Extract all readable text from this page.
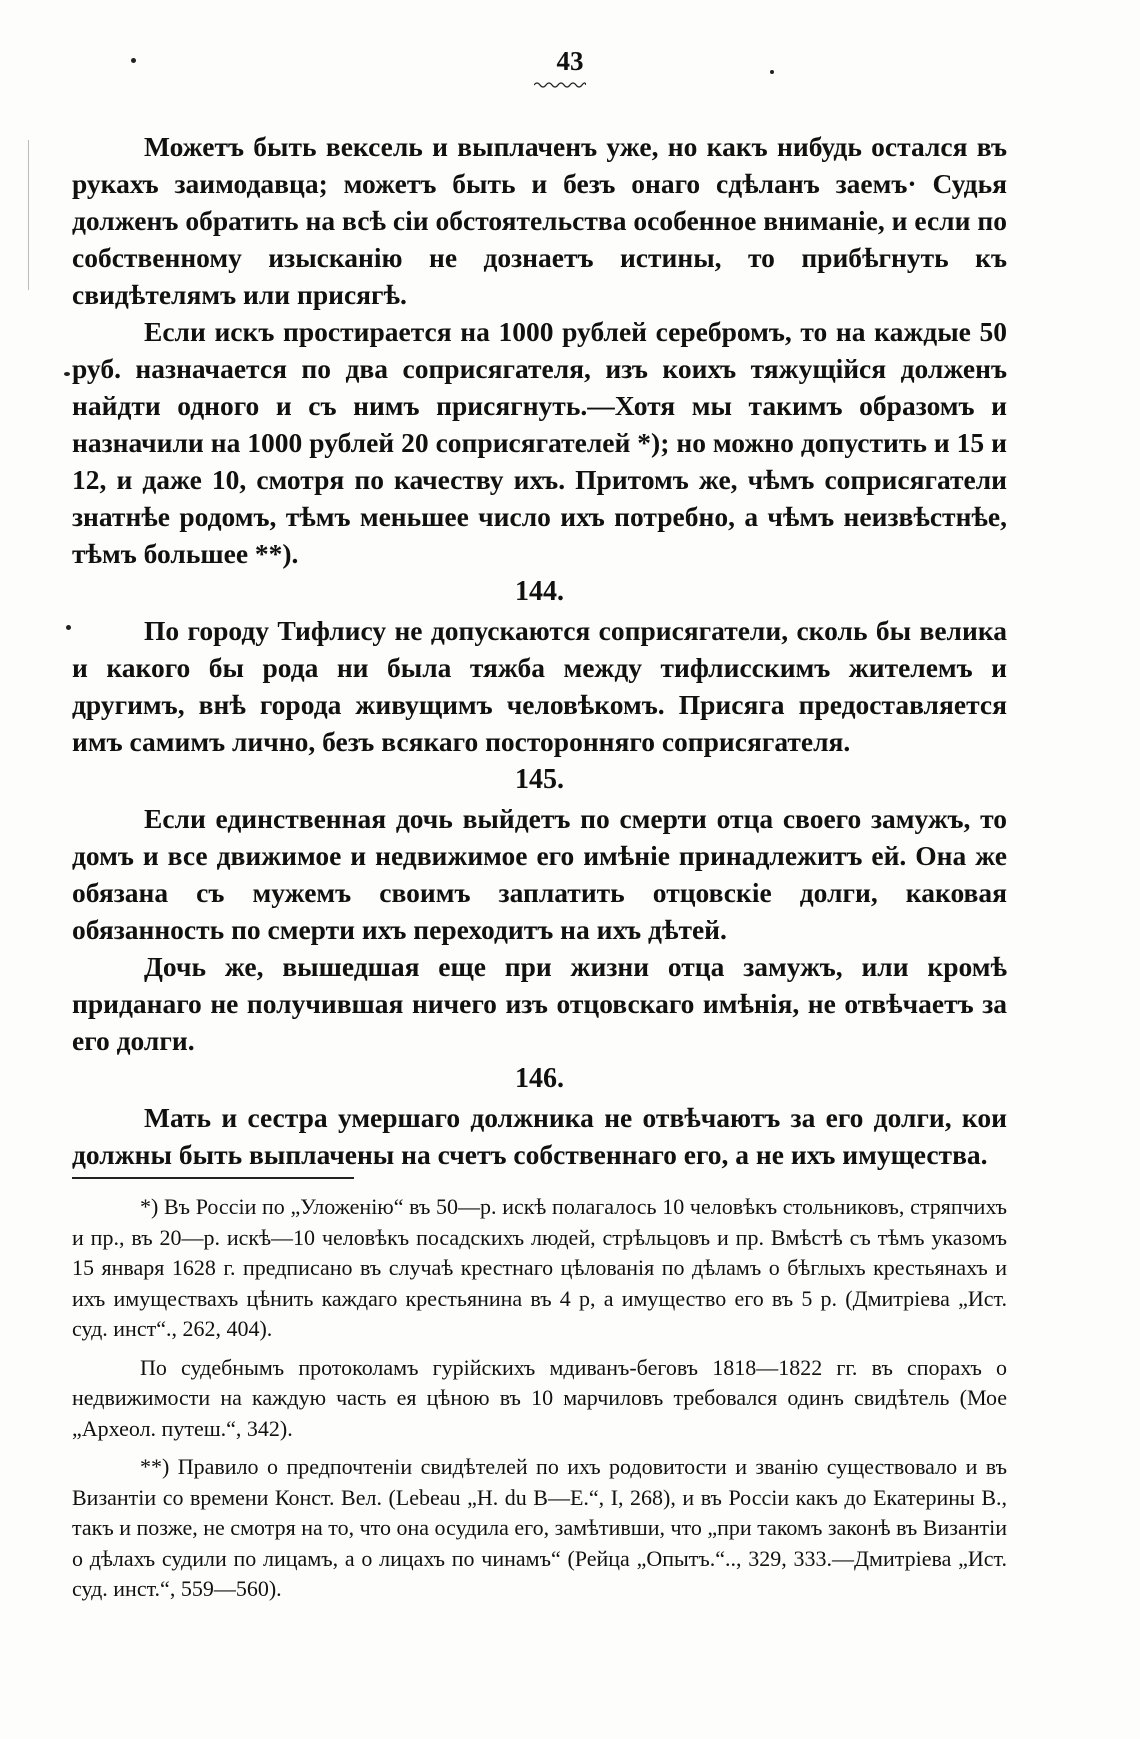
43

Можетъ быть вексель и выплаченъ уже, но какъ нибудь остался въ рукахъ заимодавца; можетъ быть и безъ онаго сдѣланъ заемъ· Судья долженъ обратить на всѣ сіи обстоятельства особенное вниманіе, и если по собственному изысканію не дознаетъ истины, то прибѣгнуть къ свидѣтелямъ или присягѣ.

Если искъ простирается на 1000 рублей серебромъ, то на каждые 50 руб. назначается по два соприсягателя, изъ коихъ тяжущійся долженъ найдти одного и съ нимъ присягнуть.—Хотя мы такимъ образомъ и назначили на 1000 рублей 20 соприсягателей *); но можно допустить и 15 и 12, и даже 10, смотря по качеству ихъ. Притомъ же, чѣмъ соприсягатели знатнѣе родомъ, тѣмъ меньшее число ихъ потребно, а чѣмъ неизвѣстнѣе, тѣмъ большее **).

144.

По городу Тифлису не допускаются соприсягатели, сколь бы велика и какого бы рода ни была тяжба между тифлисскимъ жителемъ и другимъ, внѣ города живущимъ человѣкомъ. Присяга предоставляется имъ самимъ лично, безъ всякаго посторонняго соприсягателя.

145.

Если единственная дочь выйдетъ по смерти отца своего замужъ, то домъ и все движимое и недвижимое его имѣніе принадлежитъ ей. Она же обязана съ мужемъ своимъ заплатить отцовскіе долги, каковая обязанность по смерти ихъ переходитъ на ихъ дѣтей.

Дочь же, вышедшая еще при жизни отца замужъ, или кромѣ приданаго не получившая ничего изъ отцовскаго имѣнія, не отвѣчаетъ за его долги.

146.

Мать и сестра умершаго должника не отвѣчаютъ за его долги, кои должны быть выплачены на счетъ собственнаго его, а не ихъ имущества.

*) Въ Россіи по „Уложенію“ въ 50—р. искѣ полагалось 10 человѣкъ стольниковъ, стряпчихъ и пр., въ 20—р. искѣ—10 человѣкъ посадскихъ людей, стрѣльцовъ и пр. Вмѣстѣ съ тѣмъ указомъ 15 января 1628 г. предписано въ случаѣ крестнаго цѣлованія по дѣламъ о бѣглыхъ крестьянахъ и ихъ имуществахъ цѣнить каждаго крестьянина въ 4 р, а имущество его въ 5 р. (Дмитріева „Ист. суд. инст“., 262, 404).

По судебнымъ протоколамъ гурійскихъ мдиванъ-беговъ 1818—1822 гг. въ спорахъ о недвижимости на каждую часть ея цѣною въ 10 марчиловъ требовался одинъ свидѣтель (Мое „Археол. путеш.“, 342).

**) Правило о предпочтеніи свидѣтелей по ихъ родовитости и званію существовало и въ Византіи со времени Конст. Вел. (Lebeau „H. du B—E.“, I, 268), и въ Россіи какъ до Екатерины В., такъ и позже, не смотря на то, что она осудила его, замѣтивши, что „при такомъ законѣ въ Византіи о дѣлахъ судили по лицамъ, а о лицахъ по чинамъ“ (Рейца „Опытъ.“.., 329, 333.—Дмитріева „Ист. суд. инст.“, 559—560).
